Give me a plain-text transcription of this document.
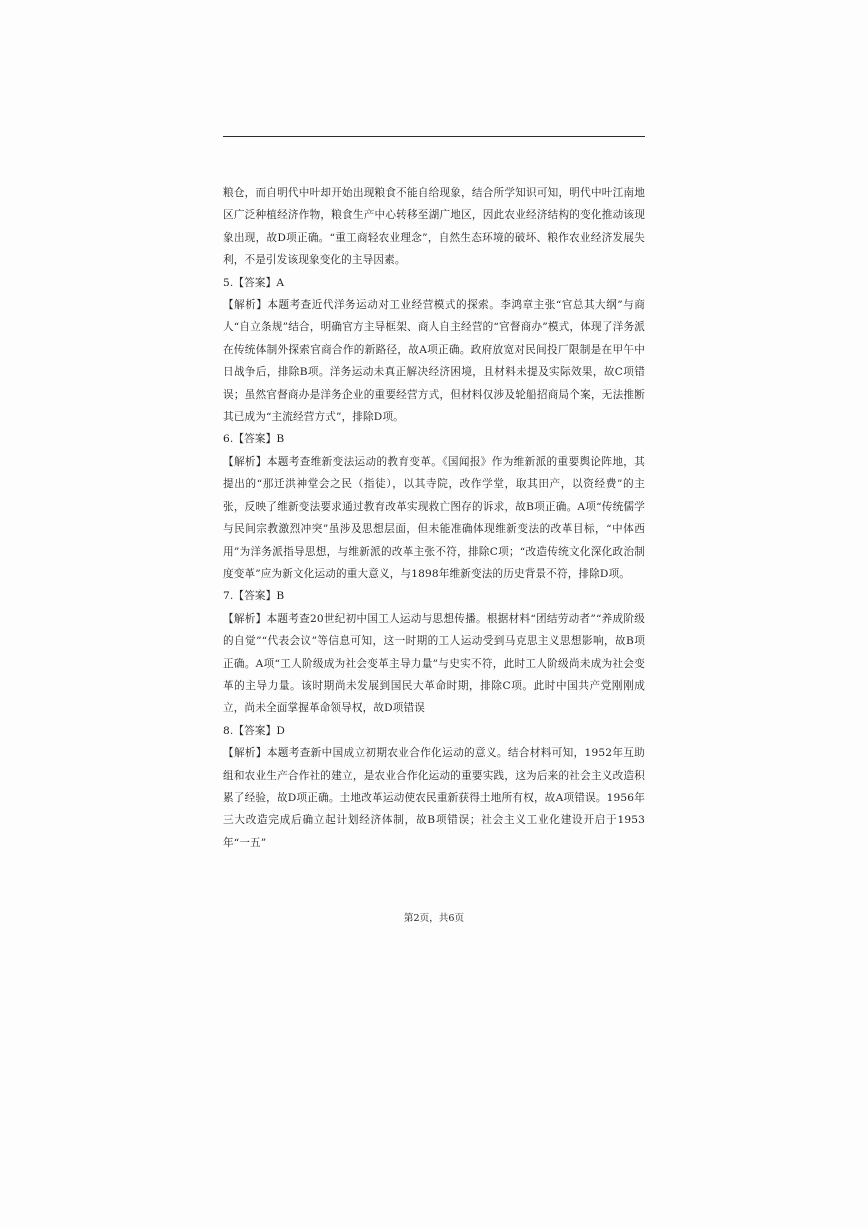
粮仓，而自明代中叶却开始出现粮食不能自给现象，结合所学知识可知，明代中叶江南地区广泛种植经济作物，粮食生产中心转移至湖广地区，因此农业经济结构的变化推动该现象出现，故D项正确。“重工商轻农业理念”，自然生态环境的破坏、粮作农业经济发展失利，不是引发该现象变化的主导因素。

5.【答案】A

【解析】本题考查近代洋务运动对工业经营模式的探索。李鸿章主张“官总其大纲”与商人“自立条规”结合，明确官方主导框架、商人自主经营的“官督商办”模式，体现了洋务派在传统体制外探索官商合作的新路径，故A项正确。政府放宽对民间投厂限制是在甲午中日战争后，排除B项。洋务运动未真正解决经济困境，且材料未提及实际效果，故C项错误；虽然官督商办是洋务企业的重要经营方式，但材料仅涉及轮船招商局个案，无法推断其已成为“主流经营方式”，排除D项。

6.【答案】B

【解析】本题考查维新变法运动的教育变革。《国闻报》作为维新派的重要舆论阵地，其提出的“那迁洪神堂会之民（指徒），以其寺院，改作学堂，取其田产，以资经费”的主张，反映了维新变法要求通过教育改革实现救亡图存的诉求，故B项正确。A项“传统儒学与民间宗教激烈冲突”虽涉及思想层面，但未能准确体现维新变法的改革目标，“中体西用”为洋务派指导思想，与维新派的改革主张不符，排除C项；“改造传统文化深化政治制度变革”应为新文化运动的重大意义，与1898年维新变法的历史背景不符，排除D项。

7.【答案】B

【解析】本题考查20世纪初中国工人运动与思想传播。根据材料“团结劳动者”“养成阶级的自觉”“代表会议”等信息可知，这一时期的工人运动受到马克思主义思想影响，故B项正确。A项“工人阶级成为社会变革主导力量”与史实不符，此时工人阶级尚未成为社会变革的主导力量。该时期尚未发展到国民大革命时期，排除C项。此时中国共产党刚刚成立，尚未全面掌握革命领导权，故D项错误

8.【答案】D

【解析】本题考查新中国成立初期农业合作化运动的意义。结合材料可知，1952年互助组和农业生产合作社的建立，是农业合作化运动的重要实践，这为后来的社会主义改造积累了经验，故D项正确。土地改革运动使农民重新获得土地所有权，故A项错误。1956年三大改造完成后确立起计划经济体制，故B项错误；社会主义工业化建设开启于1953年“一五”

第2页，共6页
